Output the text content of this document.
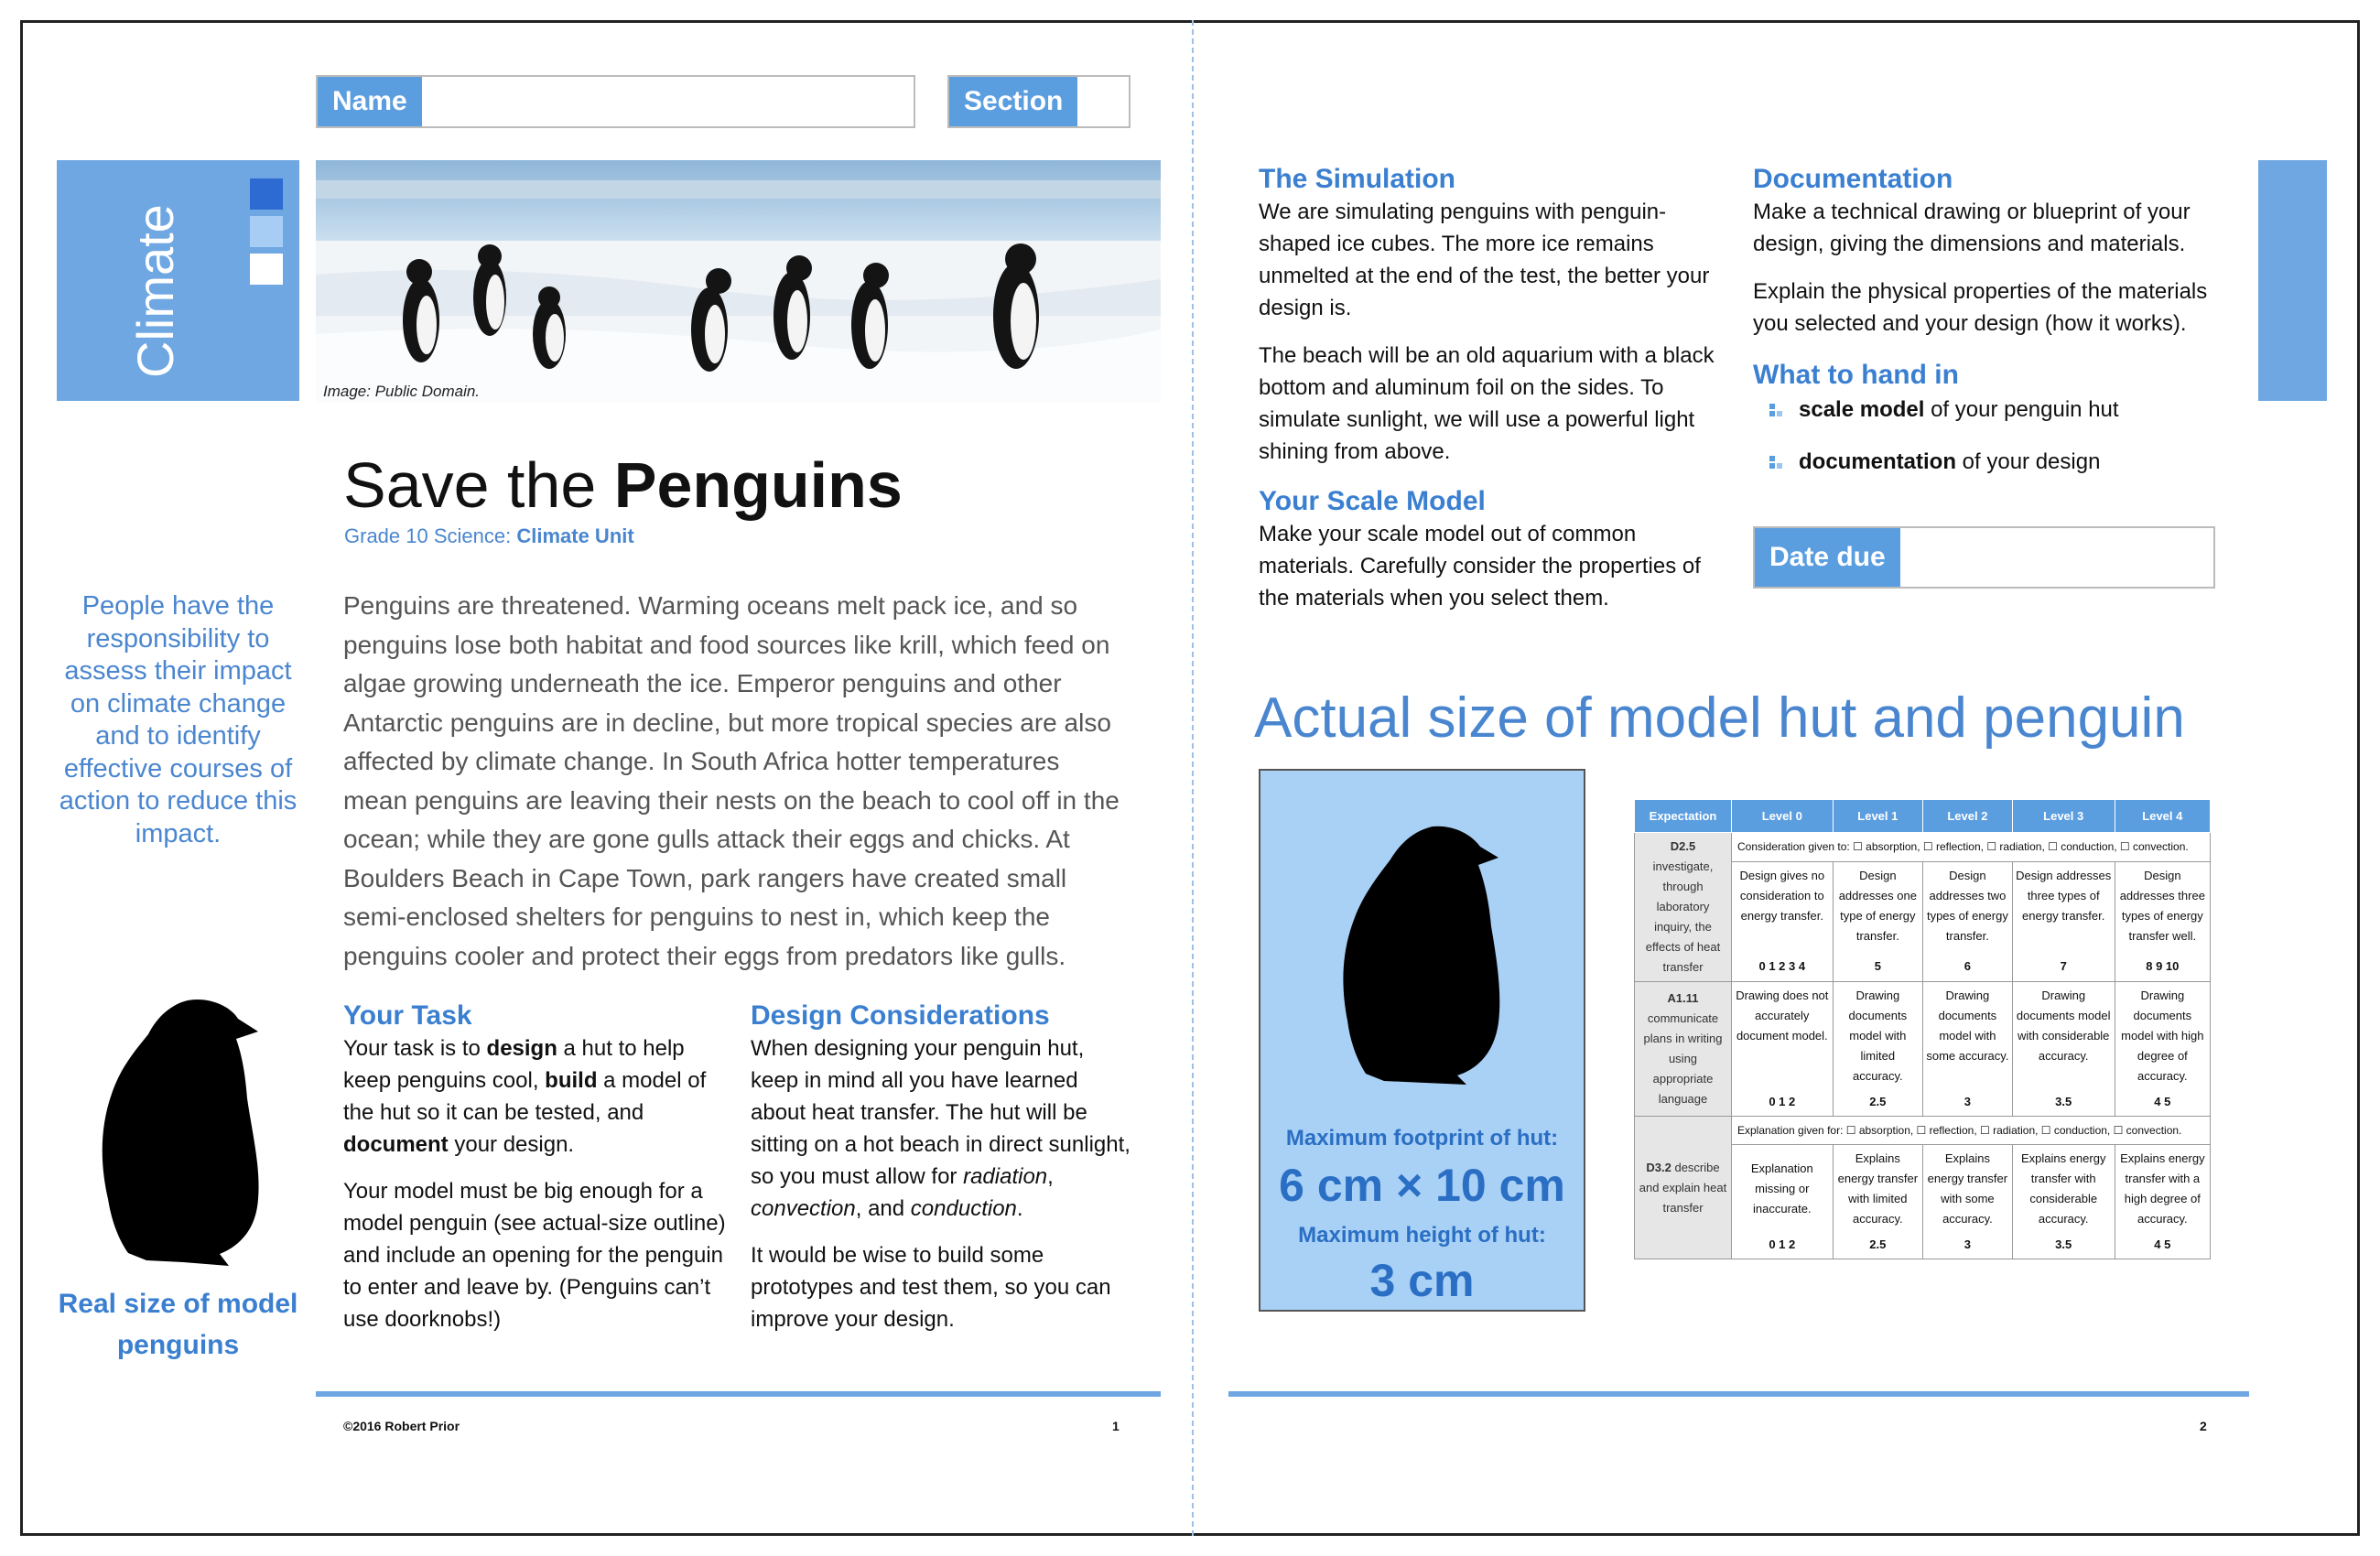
Name	Section
Climate
Image: Public Domain.
Save the Penguins
Grade 10 Science: Climate Unit
People have the responsibility to assess their impact on climate change and to identify effective courses of action to reduce this impact.
Real size of model penguins
Penguins are threatened. Warming oceans melt pack ice, and so penguins lose both habitat and food sources like krill, which feed on algae growing underneath the ice. Emperor penguins and other Antarctic penguins are in decline, but more tropical species are also affected by climate change. In South Africa hotter temperatures mean penguins are leaving their nests on the beach to cool off in the ocean; while they are gone gulls attack their eggs and chicks. At Boulders Beach in Cape Town, park rangers have created small semi-enclosed shelters for penguins to nest in, which keep the penguins cooler and protect their eggs from predators like gulls.
Your Task

Your task is to design a hut to help keep penguins cool, build a model of the hut so it can be tested, and document your design.

Your model must be big enough for a model penguin (see actual-size outline) and include an opening for the penguin to enter and leave by. (Penguins can’t use doorknobs!)

Design Considerations

When designing your penguin hut, keep in mind all you have learned about heat transfer. The hut will be sitting on a hot beach in direct sunlight, so you must allow for radiation, convection, and conduction.

It would be wise to build some prototypes and test them, so you can improve your design.

©2016 Robert Prior	1
The Simulation

We are simulating penguins with penguin-shaped ice cubes. The more ice remains unmelted at the end of the test, the better your design is.

The beach will be an old aquarium with a black bottom and aluminum foil on the sides. To simulate sunlight, we will use a powerful light shining from above.

Your Scale Model

Make your scale model out of common materials. Carefully consider the properties of the materials when you select them.

Documentation

Make a technical drawing or blueprint of your design, giving the dimensions and materials.

Explain the physical properties of the materials you selected and your design (how it works).

What to hand in
scale model of your penguin hut
documentation of your design
Date due
Actual size of model hut and penguin
Maximum footprint of hut:
6 cm × 10 cm
Maximum height of hut:
3 cm
Expectation	Level 0	Level 1	Level 2	Level 3	Level 4
D2.5
investigate, through laboratory inquiry, the effects of heat transfer	Consideration given to: ☐ absorption, ☐ reflection, ☐ radiation, ☐ conduction, ☐ convection.				
	Design gives no consideration to energy transfer.	Design addresses one type of energy transfer.	Design addresses two types of energy transfer.	Design addresses three types of energy transfer.	Design addresses three types of energy transfer well.
	0 1 2 3 4	5	6	7	8 9 10
A1.11
communicate plans in writing using appropriate language	Drawing does not accurately document model.	Drawing documents model with limited accuracy.	Drawing documents model with some accuracy.	Drawing documents model with considerable accuracy.	Drawing documents model with high degree of accuracy.
	0 1 2	2.5	3	3.5	4 5
D3.2 describe and explain heat transfer	Explanation given for: ☐ absorption, ☐ reflection, ☐ radiation, ☐ conduction, ☐ convection.				
	Explanation missing or inaccurate.	Explains energy transfer with limited accuracy.	Explains energy transfer with some accuracy.	Explains energy transfer with considerable accuracy.	Explains energy transfer with a high degree of accuracy.
	0 1 2	2.5	3	3.5	4 5
2
